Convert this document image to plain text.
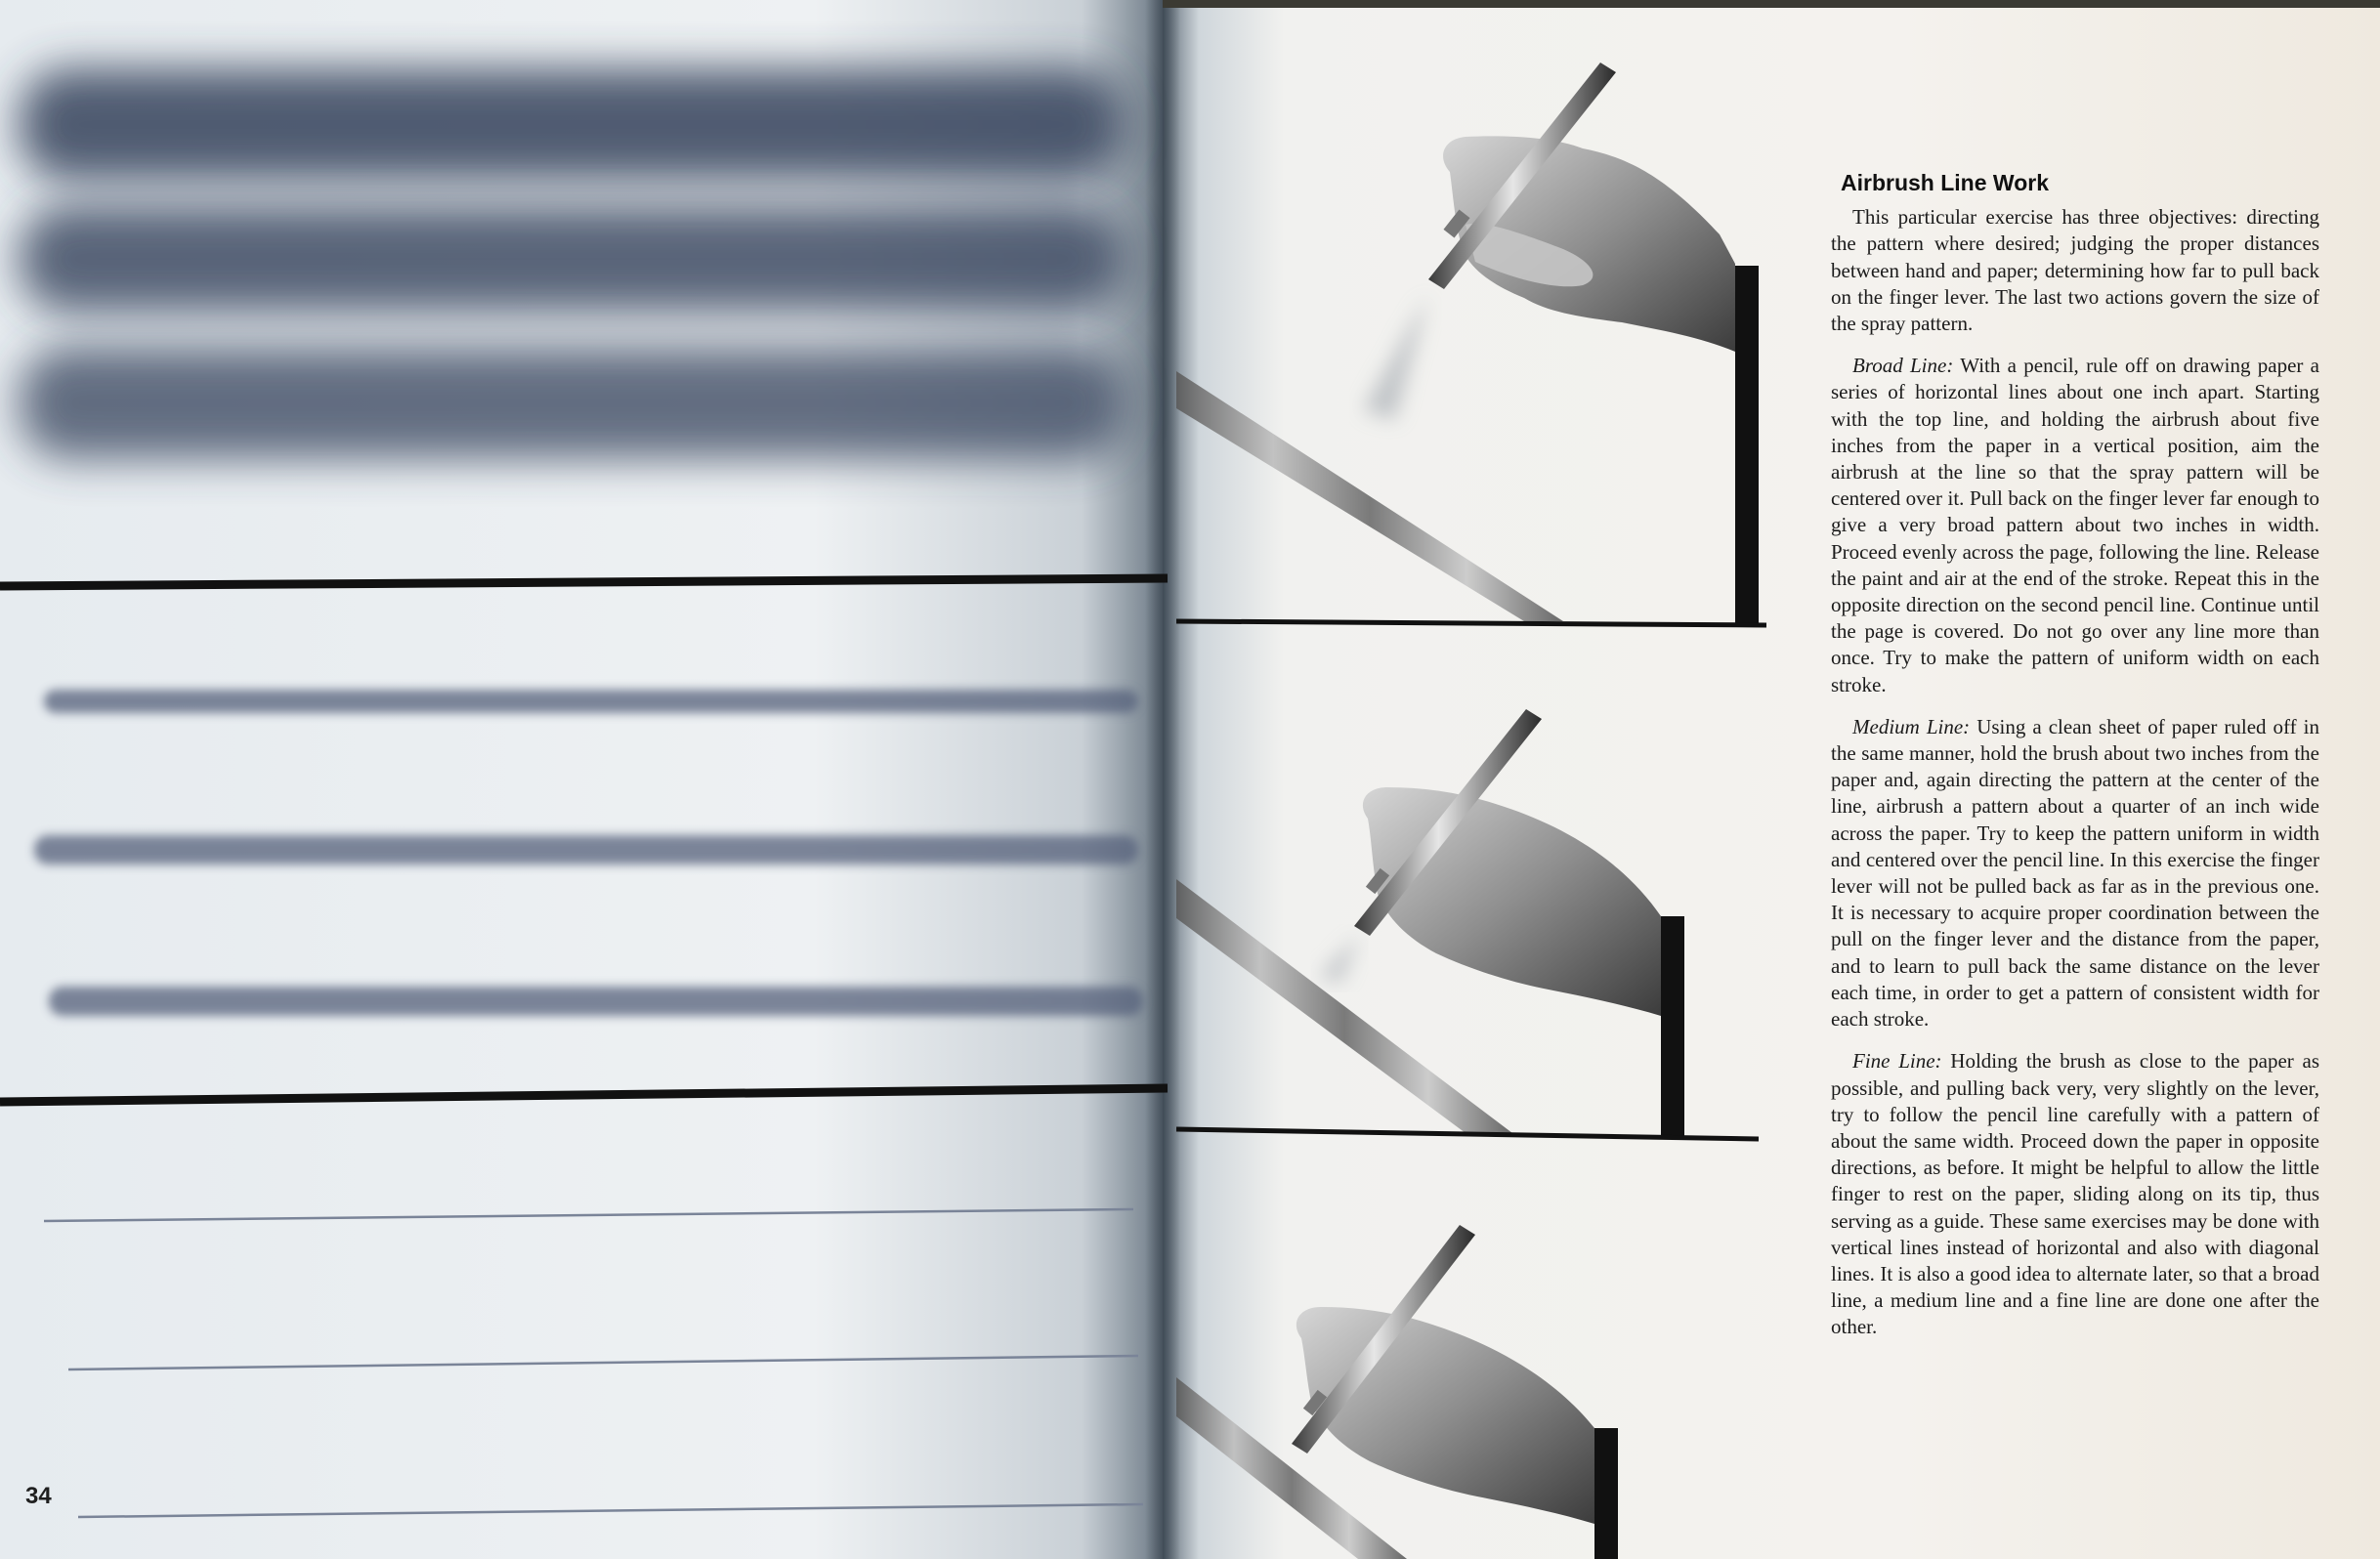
34
Airbrush Line Work

This particular exercise has three objectives: directing the pattern where desired; judging the proper distances between hand and paper; determining how far to pull back on the finger lever. The last two actions govern the size of the spray pattern.

Broad Line: With a pencil, rule off on drawing paper a series of horizontal lines about one inch apart. Starting with the top line, and holding the airbrush about five inches from the paper in a vertical position, aim the airbrush at the line so that the spray pattern will be centered over it. Pull back on the finger lever far enough to give a very broad pattern about two inches in width. Proceed evenly across the page, following the line. Release the paint and air at the end of the stroke. Repeat this in the opposite direction on the second pencil line. Continue until the page is covered. Do not go over any line more than once. Try to make the pattern of uniform width on each stroke.

Medium Line: Using a clean sheet of paper ruled off in the same manner, hold the brush about two inches from the paper and, again directing the pattern at the center of the line, airbrush a pattern about a quarter of an inch wide across the paper. Try to keep the pattern uniform in width and centered over the pencil line. In this exercise the finger lever will not be pulled back as far as in the previous one. It is necessary to acquire proper coordination between the pull on the finger lever and the distance from the paper, and to learn to pull back the same distance on the lever each time, in order to get a pattern of consistent width for each stroke.

Fine Line: Holding the brush as close to the paper as possible, and pulling back very, very slightly on the lever, try to follow the pencil line carefully with a pattern of about the same width. Proceed down the paper in opposite directions, as before. It might be helpful to allow the little finger to rest on the paper, sliding along on its tip, thus serving as a guide. These same exercises may be done with vertical lines instead of horizontal and also with diagonal lines. It is also a good idea to alternate later, so that a broad line, a medium line and a fine line are done one after the other.
